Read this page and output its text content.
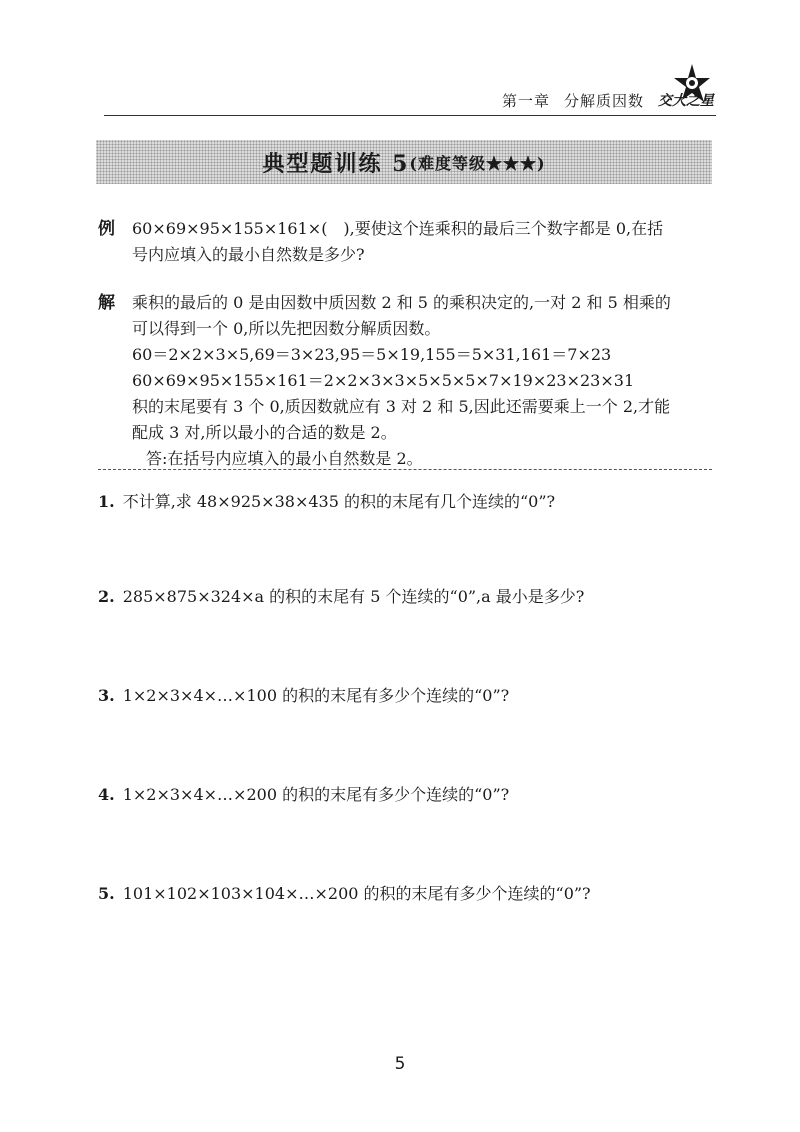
第一章 分解质因数 交大之星
典型题训练 5 (难度等级★★★)
例 60×69×95×155×161×(　),要使这个连乘积的最后三个数字都是 0,在括
号内应填入的最小自然数是多少?
解 乘积的最后的 0 是由因数中质因数 2 和 5 的乘积决定的,一对 2 和 5 相乘的
可以得到一个 0,所以先把因数分解质因数。
60＝2×2×3×5,69＝3×23,95＝5×19,155＝5×31,161＝7×23
60×69×95×155×161＝2×2×3×3×5×5×5×7×19×23×23×31
积的末尾要有 3 个 0,质因数就应有 3 对 2 和 5,因此还需要乘上一个 2,才能
配成 3 对,所以最小的合适的数是 2。
答:在括号内应填入的最小自然数是 2。
1. 不计算,求 48×925×38×435 的积的末尾有几个连续的“0”?
2. 285×875×324×a 的积的末尾有 5 个连续的“0”,a 最小是多少?
3. 1×2×3×4×…×100 的积的末尾有多少个连续的“0”?
4. 1×2×3×4×…×200 的积的末尾有多少个连续的“0”?
5. 101×102×103×104×…×200 的积的末尾有多少个连续的“0”?
5
